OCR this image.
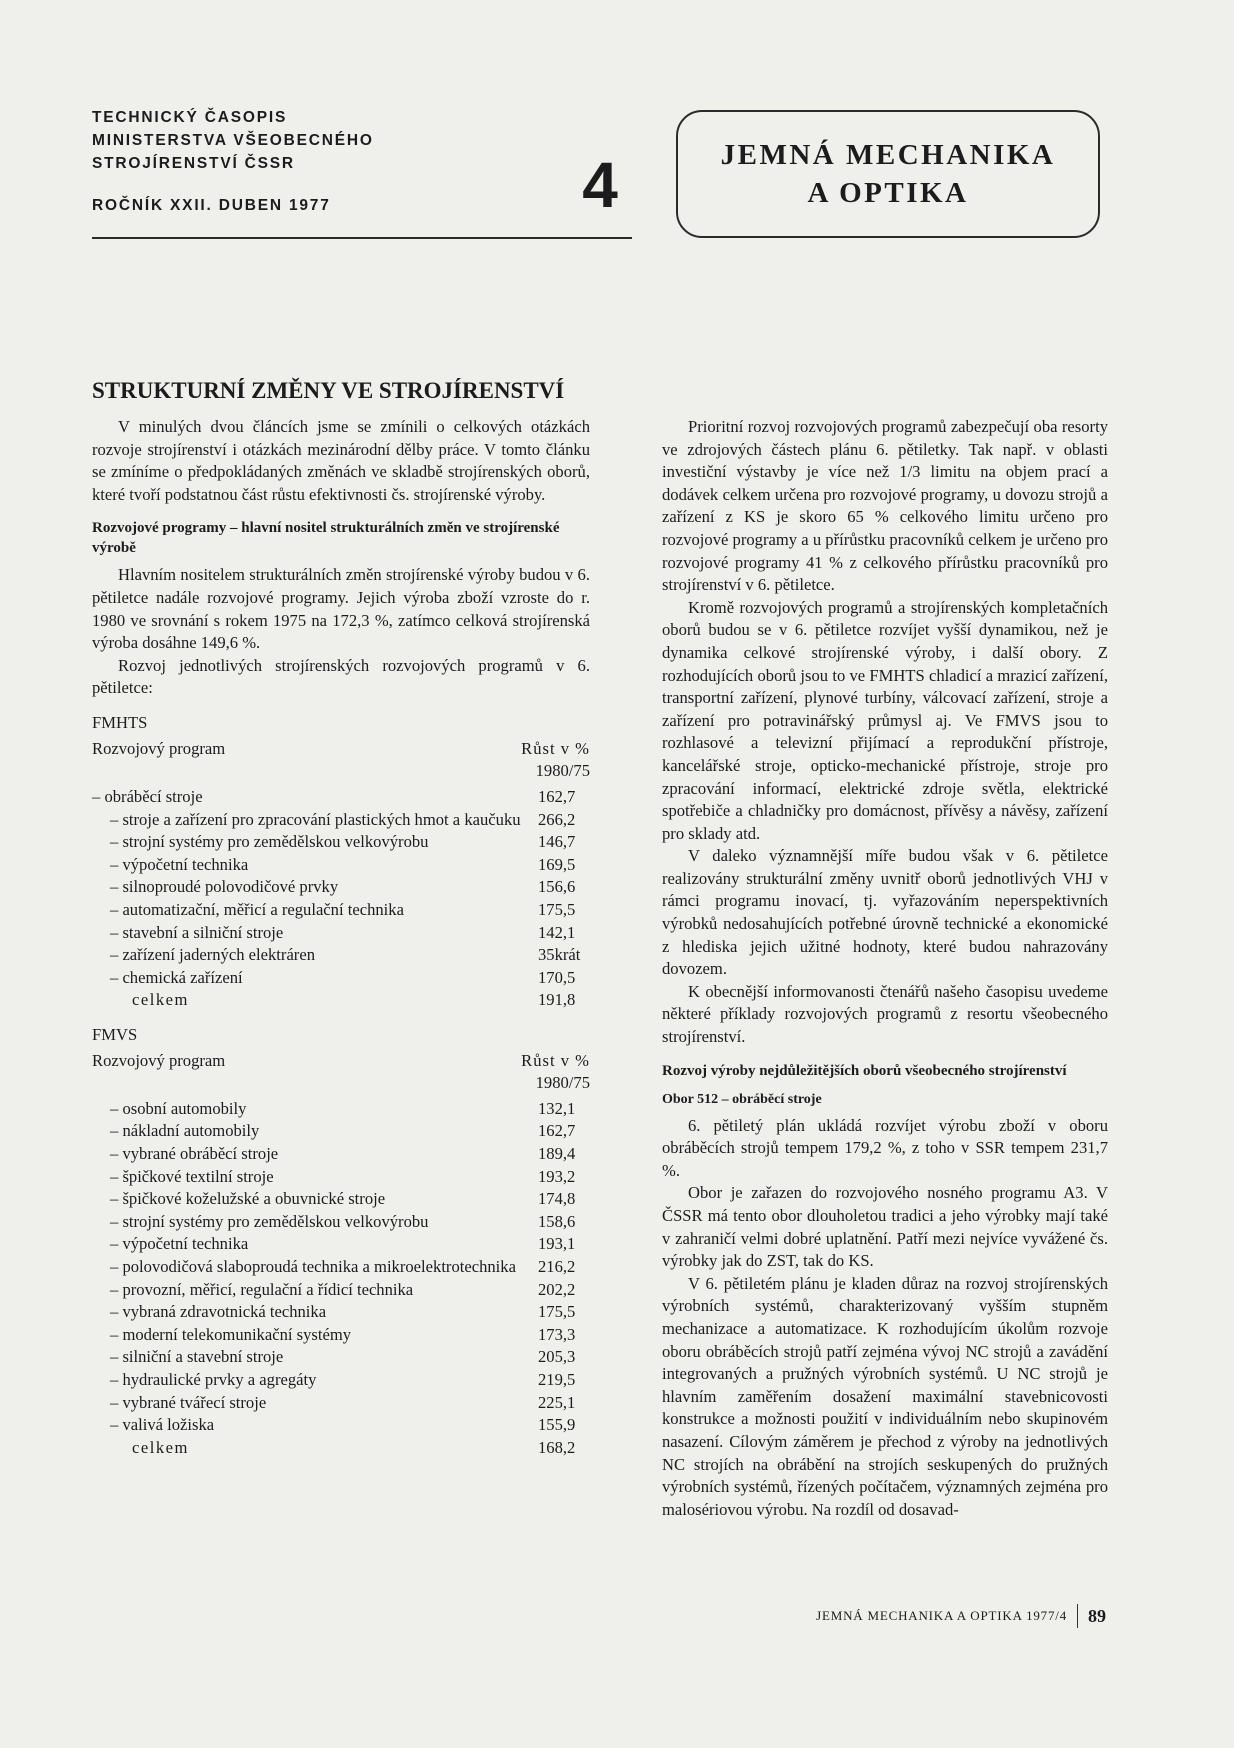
TECHNICKÝ ČASOPIS
MINISTERSTVA VŠEOBECNÉHO
STROJÍRENSTVÍ ČSSR
ROČNÍK XXII. DUBEN 1977	4	JEMNÁ MECHANIKA
A OPTIKA
STRUKTURNÍ ZMĚNY VE STROJÍRENSTVÍ

V minulých dvou článcích jsme se zmínili o celkových otázkách rozvoje strojírenství i otázkách mezinárodní dělby práce. V tomto článku se zmíníme o předpokládaných změnách ve skladbě strojírenských oborů, které tvoří podstatnou část růstu efektivnosti čs. strojírenské výroby.

Rozvojové programy – hlavní nositel strukturálních změn ve strojírenské výrobě

Hlavním nositelem strukturálních změn strojírenské výroby budou v 6. pětiletce nadále rozvojové programy. Jejich výroba zboží vzroste do r. 1980 ve srovnání s rokem 1975 na 172,3 %, zatímco celková strojírenská výroba dosáhne 149,6 %.

Rozvoj jednotlivých strojírenských rozvojových programů v 6. pětiletce:

FMHTS
Rozvojový program	Růst v %
1980/75
– obráběcí stroje	162,7
– stroje a zařízení pro zpracování plastických hmot a kaučuku 266,2
– strojní systémy pro zemědělskou velkovýrobu	146,7
– výpočetní technika	169,5
– silnoproudé polovodičové prvky	156,6
– automatizační, měřicí a regulační technika	175,5
– stavební a silniční stroje	142,1
– zařízení jaderných elektráren	35krát
– chemická zařízení	170,5
celkem	191,8
FMVS
Rozvojový program	Růst v %
1980/75
– osobní automobily	132,1
– nákladní automobily	162,7
– vybrané obráběcí stroje	189,4
– špičkové textilní stroje	193,2
– špičkové koželužské a obuvnické stroje	174,8
– strojní systémy pro zemědělskou velkovýrobu	158,6
– výpočetní technika	193,1
– polovodičová slaboproudá technika a mikroelektrotechnika 216,2
– provozní, měřicí, regulační a řídicí technika	202,2
– vybraná zdravotnická technika	175,5
– moderní telekomunikační systémy	173,3
– silniční a stavební stroje	205,3
– hydraulické prvky a agregáty	219,5
– vybrané tvářecí stroje	225,1
– valivá ložiska	155,9
celkem	168,2

Prioritní rozvoj rozvojových programů zabezpečují oba resorty ve zdrojových částech plánu 6. pětiletky. Tak např. v oblasti investiční výstavby je více než 1/3 limitu na objem prací a dodávek celkem určena pro rozvojové programy, u dovozu strojů a zařízení z KS je skoro 65 % celkového limitu určeno pro rozvojové programy a u přírůstku pracovníků celkem je určeno pro rozvojové programy 41 % z celkového přírůstku pracovníků pro strojírenství v 6. pětiletce.

Kromě rozvojových programů a strojírenských kompletačních oborů budou se v 6. pětiletce rozvíjet vyšší dynamikou, než je dynamika celkové strojírenské výroby, i další obory. Z rozhodujících oborů jsou to ve FMHTS chladicí a mrazicí zařízení, transportní zařízení, plynové turbíny, válcovací zařízení, stroje a zařízení pro potravinářský průmysl aj. Ve FMVS jsou to rozhlasové a televizní přijímací a reprodukční přístroje, kancelářské stroje, opticko-mechanické přístroje, stroje pro zpracování informací, elektrické zdroje světla, elektrické spotřebiče a chladničky pro domácnost, přívěsy a návěsy, zařízení pro sklady atd.

V dalekо významnější míře budou však v 6. pětiletce realizovány strukturální změny uvnitř oborů jednotlivých VHJ v rámci programu inovací, tj. vyřazováním neperspektivních výrobků nedosahujících potřebné úrovně technické a ekonomické z hlediska jejich užitné hodnoty, které budou nahrazovány dovozem.

K obecnější informovanosti čtenářů našeho časopisu uvedeme některé příklady rozvojových programů z resortu všeobecného strojírenství.

Rozvoj výroby nejdůležitějších oborů všeobecného strojírenství
Obor 512 – obráběcí stroje

6. pětiletý plán ukládá rozvíjet výrobu zboží v oboru obráběcích strojů tempem 179,2 %, z toho v SSR tempem 231,7 %.

Obor je zařazen do rozvojového nosného programu A3. V ČSSR má tento obor dlouholetou tradici a jeho výrobky mají také v zahraničí velmi dobré uplatnění. Patří mezi nejvíce vyvážené čs. výrobky jak do ZST, tak do KS.

V 6. pětiletém plánu je kladen důraz na rozvoj strojírenských výrobních systémů, charakterizovaný vyšším stupněm mechanizace a automatizace. K rozhodujícím úkolům rozvoje oboru obráběcích strojů patří zejména vývoj NC strojů a zavádění integrovaných a pružných výrobních systémů. U NC strojů je hlavním zaměřením dosažení maximální stavebnicovosti konstrukce a možnosti použití v individuálním nebo skupinovém nasazení. Cílovým záměrem je přechod z výroby na jednotlivých NC strojích na obrábění na strojích seskupených do pružných výrobních systémů, řízených počítačem, významných zejména pro malosériovou výrobu. Na rozdíl od dosavad-

JEMNÁ MECHANIKA A OPTIKA 1977/4 89
